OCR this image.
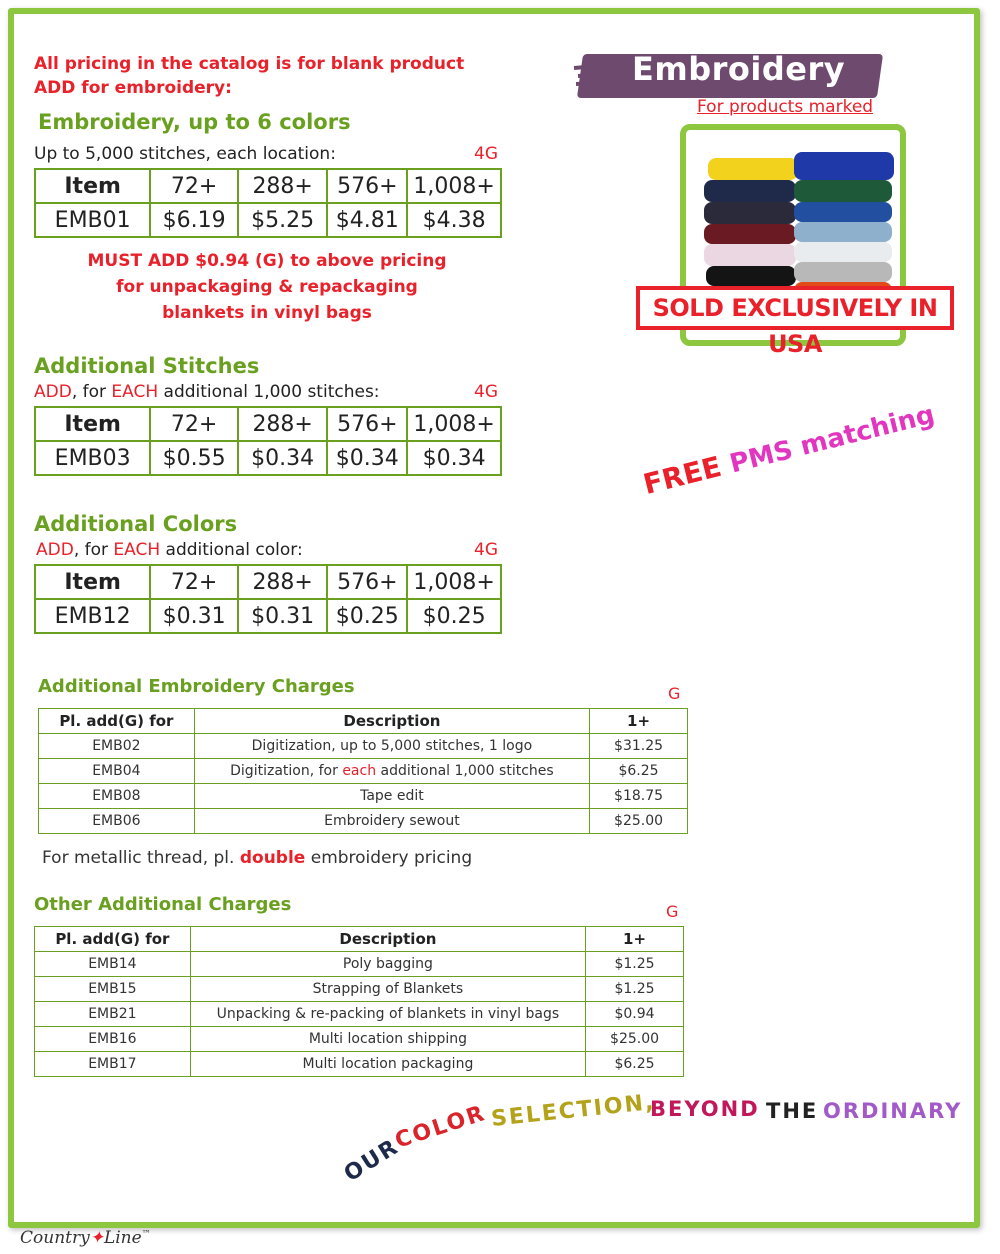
All pricing in the catalog is for blank product
ADD for embroidery:	Embroidery
For products marked
SOLD EXCLUSIVELY IN USA
FREE PMS matching
Embroidery, up to 6 colors
Up to 5,000 stitches, each location:	4G
Item	72+	288+	576+	1,008+
EMB01	$6.19	$5.25	$4.81	$4.38
MUST ADD $0.94 (G) to above pricing
for unpackaging & repackaging
blankets in vinyl bags
Additional Stitches
ADD, for EACH additional 1,000 stitches:	4G
Item	72+	288+	576+	1,008+
EMB03	$0.55	$0.34	$0.34	$0.34
Additional Colors
ADD, for EACH additional color:	4G
Item	72+	288+	576+	1,008+
EMB12	$0.31	$0.31	$0.25	$0.25
Additional Embroidery Charges	G
Pl. add(G) for	Description	1+
EMB02	Digitization, up to 5,000 stitches, 1 logo	$31.25
EMB04	Digitization, for each additional 1,000 stitches	$6.25
EMB08	Tape edit	$18.75
EMB06	Embroidery sewout	$25.00
For metallic thread, pl. double embroidery pricing
Other Additional Charges	G
Pl. add(G) for	Description	1+
EMB14	Poly bagging	$1.25
EMB15	Strapping of Blankets	$1.25
EMB21	Unpacking & re-packing of blankets in vinyl bags	$0.94
EMB16	Multi location shipping	$25.00
EMB17	Multi location packaging	$6.25
OUR
COLOR SELECTION,
BEYOND THE ORDINARY
Country✦Line™
